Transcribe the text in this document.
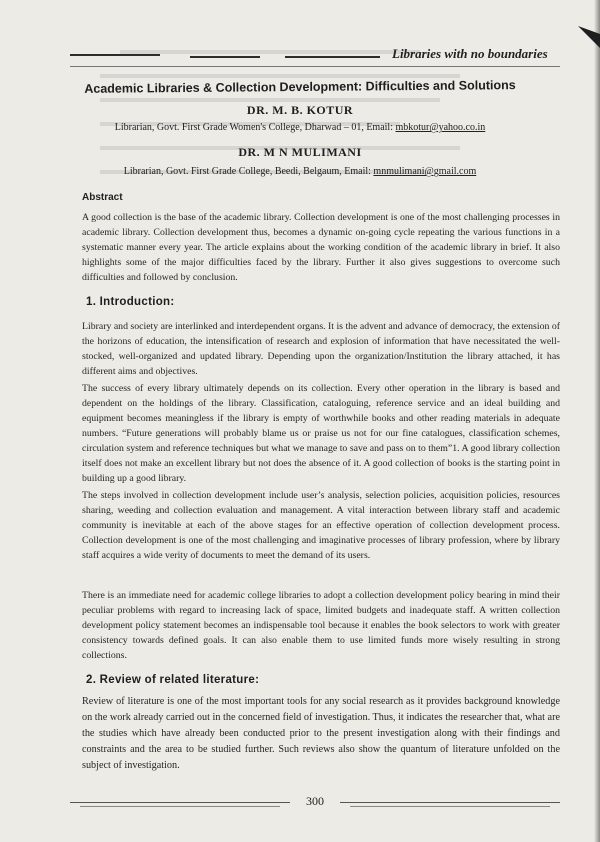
Libraries with no boundaries
Academic Libraries & Collection Development: Difficulties and Solutions
DR. M. B. KOTUR
Librarian, Govt. First Grade Women's College, Dharwad – 01, Email: mbkotur@yahoo.co.in
DR. M N MULIMANI
Librarian, Govt. First Grade College, Beedi, Belgaum, Email: mnmulimani@gmail.com
Abstract
A good collection is the base of the academic library. Collection development is one of the most challenging processes in academic library. Collection development thus, becomes a dynamic on-going cycle repeating the various functions in a systematic manner every year. The article explains about the working condition of the academic library in brief. It also highlights some of the major difficulties faced by the library. Further it also gives suggestions to overcome such difficulties and followed by conclusion.
1. Introduction:
Library and society are interlinked and interdependent organs. It is the advent and advance of democracy, the extension of the horizons of education, the intensification of research and explosion of information that have necessitated the well-stocked, well-organized and updated library. Depending upon the organization/Institution the library attached, it has different aims and objectives.
The success of every library ultimately depends on its collection. Every other operation in the library is based and dependent on the holdings of the library. Classification, cataloguing, reference service and an ideal building and equipment becomes meaningless if the library is empty of worthwhile books and other reading materials in adequate numbers. “Future generations will probably blame us or praise us not for our fine catalogues, classification schemes, circulation system and reference techniques but what we manage to save and pass on to them”1. A good library collection itself does not make an excellent library but not does the absence of it. A good collection of books is the starting point in building up a good library.
The steps involved in collection development include user’s analysis, selection policies, acquisition policies, resources sharing, weeding and collection evaluation and management. A vital interaction between library staff and academic community is inevitable at each of the above stages for an effective operation of collection development process. Collection development is one of the most challenging and imaginative processes of library profession, where by library staff acquires a wide verity of documents to meet the demand of its users.
There is an immediate need for academic college libraries to adopt a collection development policy bearing in mind their peculiar problems with regard to increasing lack of space, limited budgets and inadequate staff. A written collection development policy statement becomes an indispensable tool because it enables the book selectors to work with greater consistency towards defined goals. It can also enable them to use limited funds more wisely resulting in strong collections.
2. Review of related literature:
Review of literature is one of the most important tools for any social research as it provides background knowledge on the work already carried out in the concerned field of investigation. Thus, it indicates the researcher that, what are the studies which have already been conducted prior to the present investigation along with their findings and constraints and the area to be studied further. Such reviews also show the quantum of literature unfolded on the subject of investigation.
300
